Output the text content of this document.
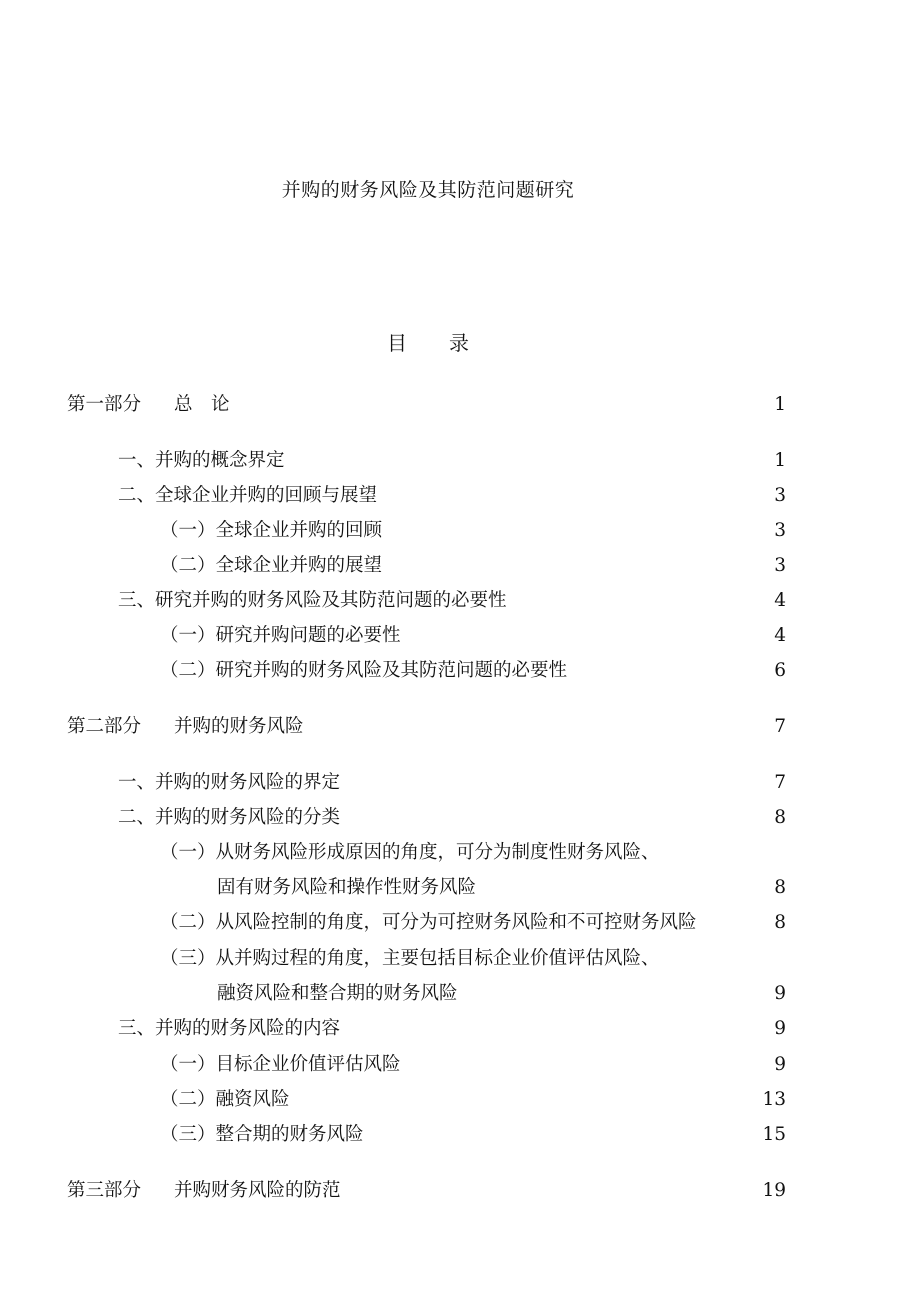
并购的财务风险及其防范问题研究
目 录
第一部分 总　论	1
一、并购的概念界定	1
二、全球企业并购的回顾与展望	3
（一）全球企业并购的回顾	3
（二）全球企业并购的展望	3
三、研究并购的财务风险及其防范问题的必要性	4
（一）研究并购问题的必要性	4
（二）研究并购的财务风险及其防范问题的必要性	6
第二部分 并购的财务风险	7
一、并购的财务风险的界定	7
二、并购的财务风险的分类	8
（一）从财务风险形成原因的角度，可分为制度性财务风险、
固有财务风险和操作性财务风险	8
（二）从风险控制的角度，可分为可控财务风险和不可控财务风险	8
（三）从并购过程的角度，主要包括目标企业价值评估风险、
融资风险和整合期的财务风险	9
三、并购的财务风险的内容	9
（一）目标企业价值评估风险	9
（二）融资风险	13
（三）整合期的财务风险	15
第三部分 并购财务风险的防范	19
